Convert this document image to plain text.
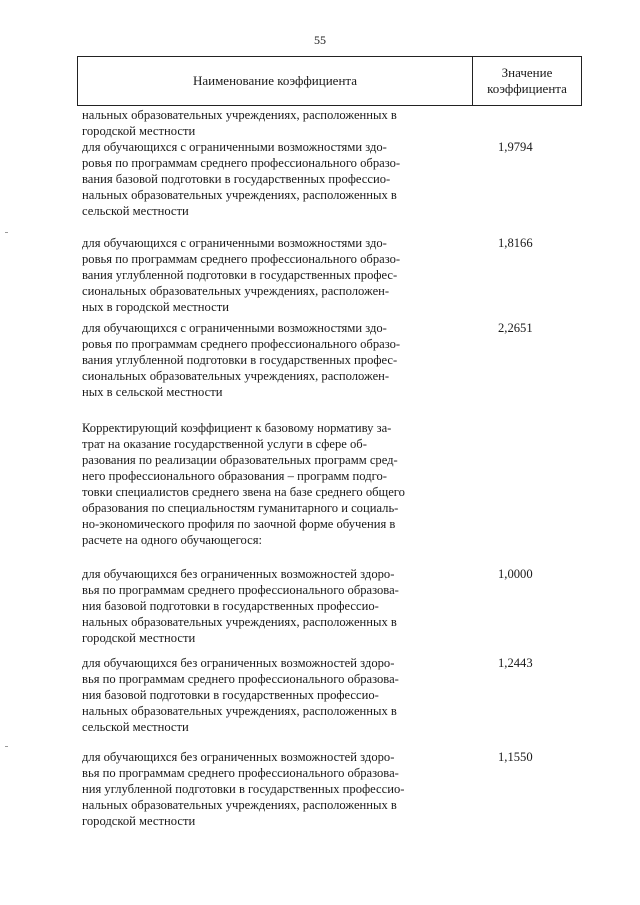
55
Наименование коэффициента
Значение
коэффициента

нальных образовательных учреждениях, расположенных в
городской местности

для обучающихся с ограниченными возможностями здо-
ровья по программам среднего профессионального образо-
вания базовой подготовки в государственных профессио-
нальных образовательных учреждениях, расположенных в
сельской местности

1,9794

для обучающихся с ограниченными возможностями здо-
ровья по программам среднего профессионального образо-
вания углубленной подготовки в государственных профес-
сиональных образовательных учреждениях, расположен-
ных в городской местности

1,8166

для обучающихся с ограниченными возможностями здо-
ровья по программам среднего профессионального образо-
вания углубленной подготовки в государственных профес-
сиональных образовательных учреждениях, расположен-
ных в сельской местности

2,2651

Корректирующий коэффициент к базовому нормативу за-
трат на оказание государственной услуги в сфере об-
разования по реализации образовательных программ сред-
него профессионального образования – программ подго-
товки специалистов среднего звена на базе среднего общего
образования по специальностям гуманитарного и социаль-
но-экономического профиля по заочной форме обучения в
расчете на одного обучающегося:

для обучающихся без ограниченных возможностей здоро-
вья по программам среднего профессионального образова-
ния базовой подготовки в государственных профессио-
нальных образовательных учреждениях, расположенных в
городской местности

1,0000

для обучающихся без ограниченных возможностей здоро-
вья по программам среднего профессионального образова-
ния базовой подготовки в государственных профессио-
нальных образовательных учреждениях, расположенных в
сельской местности

1,2443

для обучающихся без ограниченных возможностей здоро-
вья по программам среднего профессионального образова-
ния углубленной подготовки в государственных профессио-
нальных образовательных учреждениях, расположенных в
городской местности

1,1550
